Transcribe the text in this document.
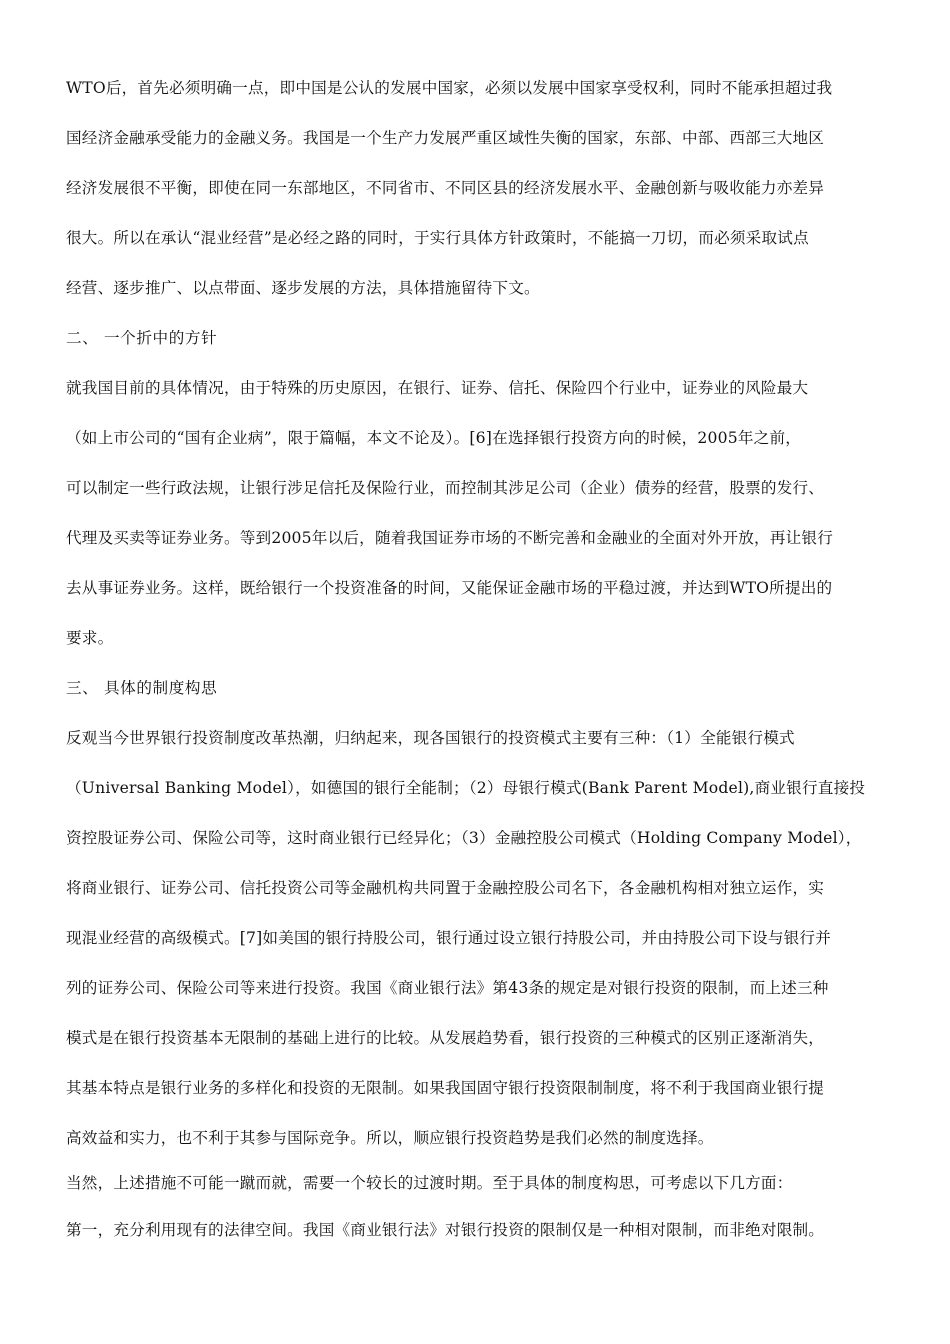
WTO后，首先必须明确一点，即中国是公认的发展中国家，必须以发展中国家享受权利，同时不能承担超过我
国经济金融承受能力的金融义务。我国是一个生产力发展严重区域性失衡的国家，东部、中部、西部三大地区
经济发展很不平衡，即使在同一东部地区，不同省市、不同区县的经济发展水平、金融创新与吸收能力亦差异
很大。所以在承认“混业经营”是必经之路的同时，于实行具体方针政策时，不能搞一刀切，而必须采取试点
经营、逐步推广、以点带面、逐步发展的方法，具体措施留待下文。
二、 一个折中的方针
就我国目前的具体情况，由于特殊的历史原因，在银行、证券、信托、保险四个行业中，证券业的风险最大
（如上市公司的“国有企业病”，限于篇幅，本文不论及）。[6]在选择银行投资方向的时候，2005年之前，
可以制定一些行政法规，让银行涉足信托及保险行业，而控制其涉足公司（企业）债券的经营，股票的发行、
代理及买卖等证券业务。等到2005年以后，随着我国证券市场的不断完善和金融业的全面对外开放，再让银行
去从事证券业务。这样，既给银行一个投资准备的时间，又能保证金融市场的平稳过渡，并达到WTO所提出的
要求。
三、 具体的制度构思
反观当今世界银行投资制度改革热潮，归纳起来，现各国银行的投资模式主要有三种：（1）全能银行模式
（Universal Banking Model），如德国的银行全能制；（2）母银行模式(Bank Parent Model),商业银行直接投
资控股证券公司、保险公司等，这时商业银行已经异化；（3）金融控股公司模式（Holding Company Model），
将商业银行、证券公司、信托投资公司等金融机构共同置于金融控股公司名下，各金融机构相对独立运作，实
现混业经营的高级模式。[7]如美国的银行持股公司，银行通过设立银行持股公司，并由持股公司下设与银行并
列的证券公司、保险公司等来进行投资。我国《商业银行法》第43条的规定是对银行投资的限制，而上述三种
模式是在银行投资基本无限制的基础上进行的比较。从发展趋势看，银行投资的三种模式的区别正逐渐消失，
其基本特点是银行业务的多样化和投资的无限制。如果我国固守银行投资限制制度，将不利于我国商业银行提
高效益和实力，也不利于其参与国际竞争。所以，顺应银行投资趋势是我们必然的制度选择。
当然，上述措施不可能一蹴而就，需要一个较长的过渡时期。至于具体的制度构思，可考虑以下几方面：
第一，充分利用现有的法律空间。我国《商业银行法》对银行投资的限制仅是一种相对限制，而非绝对限制。
